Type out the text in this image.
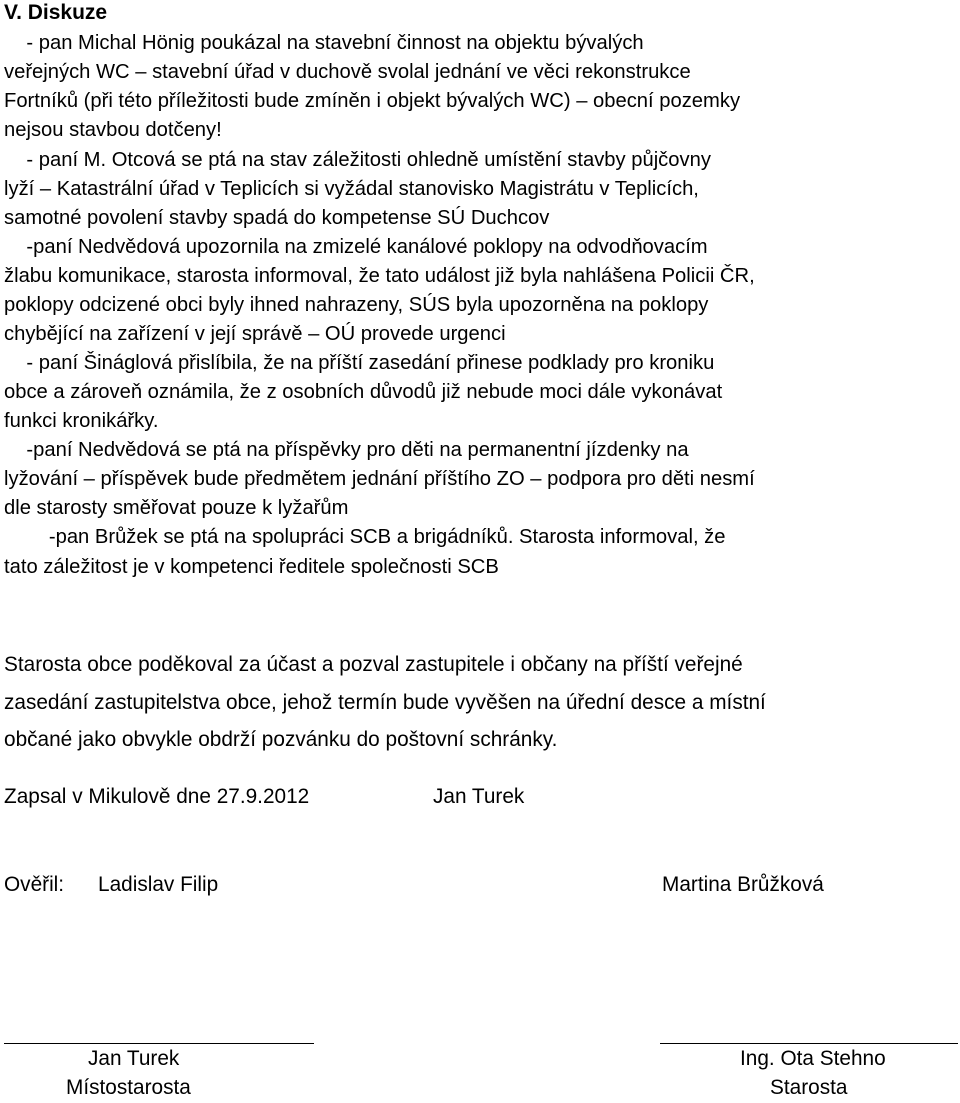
V. Diskuze
- pan Michal Hönig poukázal na stavební činnost na objektu bývalých
veřejných WC – stavební úřad v duchově svolal jednání ve věci rekonstrukce
Fortníků (při této příležitosti bude zmíněn i objekt bývalých WC) – obecní pozemky
nejsou stavbou dotčeny!
- paní M. Otcová se ptá na stav záležitosti ohledně umístění stavby půjčovny
lyží – Katastrální úřad v Teplicích si vyžádal stanovisko Magistrátu v Teplicích,
samotné povolení stavby spadá do kompetense SÚ Duchcov
-paní Nedvědová upozornila na zmizelé kanálové poklopy na odvodňovacím
žlabu komunikace, starosta informoval, že tato událost již byla nahlášena Policii ČR,
poklopy odcizené obci byly ihned nahrazeny, SÚS byla upozorněna na poklopy
chybějící na zařízení v její správě – OÚ provede urgenci
- paní Šináglová přislíbila, že na příští zasedání přinese podklady pro kroniku
obce a zároveň oznámila, že z osobních důvodů již nebude moci dále vykonávat
funkci kronikářky.
-paní Nedvědová se ptá na příspěvky pro děti na permanentní jízdenky na
lyžování – příspěvek bude předmětem jednání příštího ZO – podpora pro děti nesmí
dle starosty směřovat pouze k lyžařům
-pan Brůžek se ptá na spolupráci SCB a brigádníků. Starosta informoval, že
tato záležitost je v kompetenci ředitele společnosti SCB
Starosta obce poděkoval za účast a pozval zastupitele i občany na příští veřejné
zasedání zastupitelstva obce, jehož termín bude vyvěšen na úřední desce a místní
občané jako obvykle obdrží pozvánku do poštovní schránky.
Zapsal v Mikulově dne 27.9.2012	Jan Turek
Ověřil: Ladislav Filip	Martina Brůžková
Jan Turek
Místostarosta
Ing. Ota Stehno
Starosta
